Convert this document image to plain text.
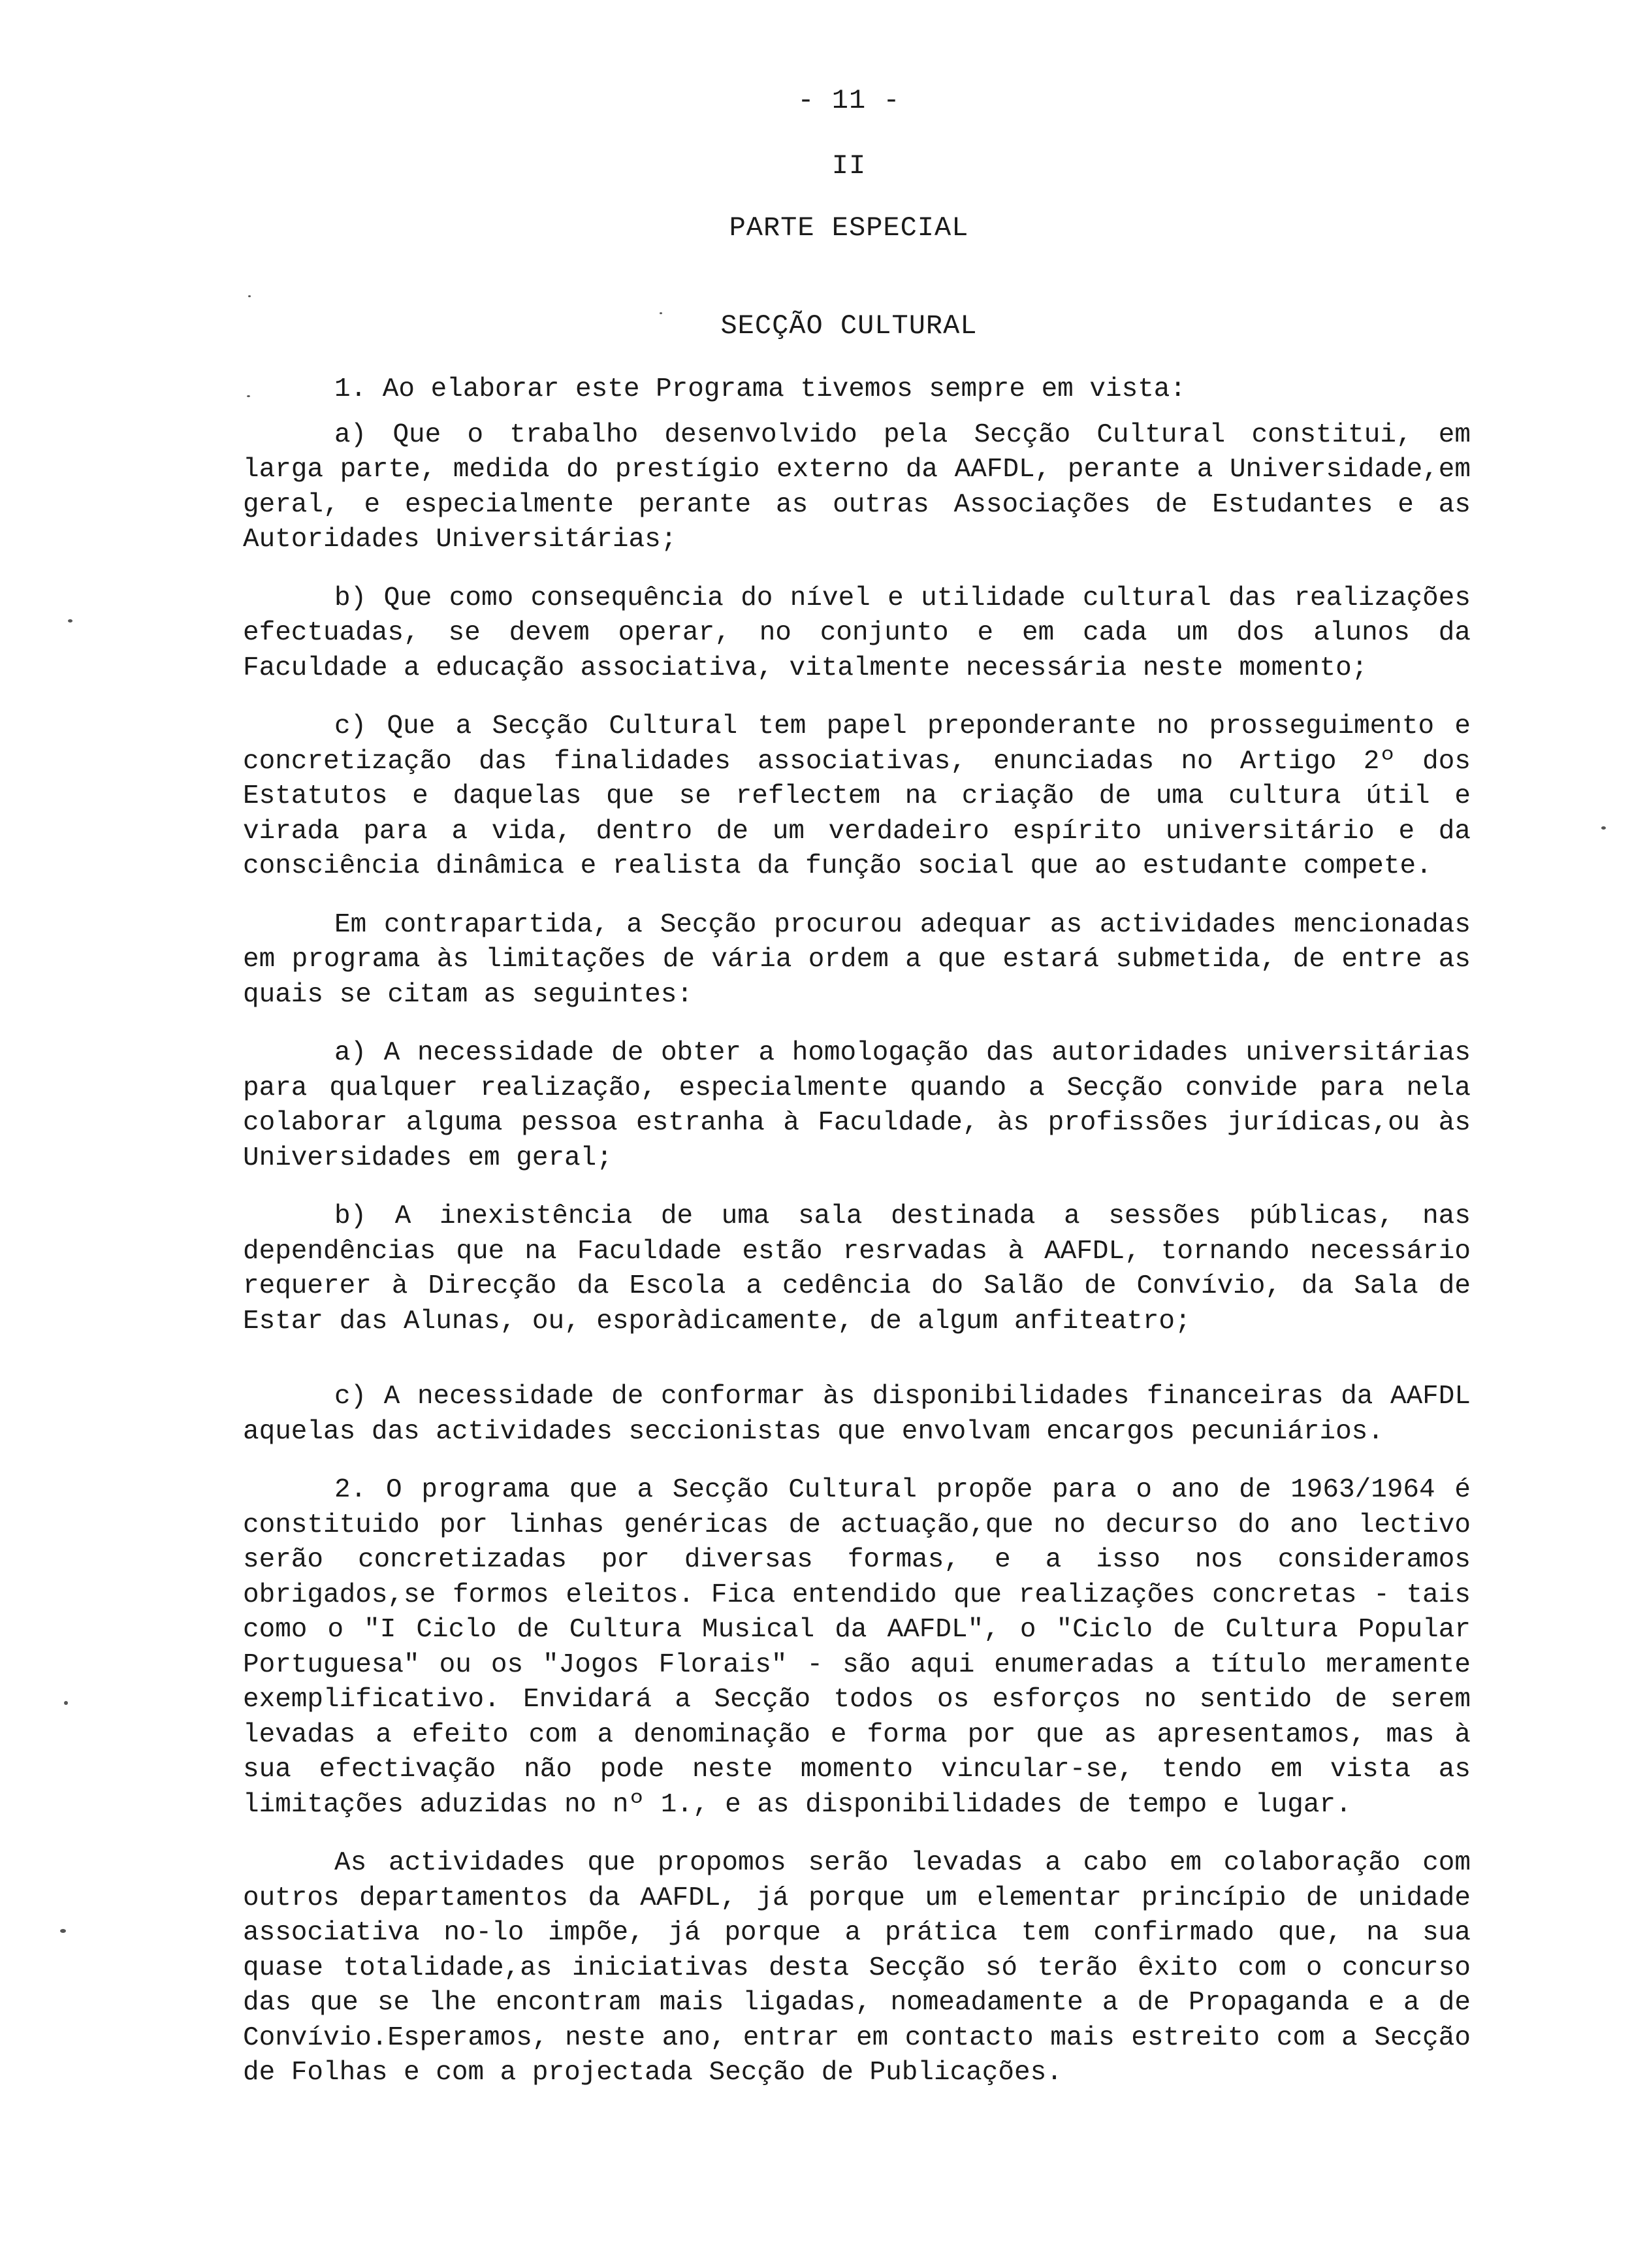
- 11 -
II
PARTE ESPECIAL
SECÇÃO CULTURAL

1. Ao elaborar este Programa tivemos sempre em vista:

a) Que o trabalho desenvolvido pela Secção Cultural constitui, em larga parte, medida do prestígio externo da AAFDL, perante a Universidade,em geral, e especialmente perante as outras Associações de Estudantes e as Autoridades Universitárias;

b) Que como consequência do nível e utilidade cultural das realizações efectuadas, se devem operar, no conjunto e em cada um dos alunos da Faculdade a educação associativa, vitalmente necessária neste momento;

c) Que a Secção Cultural tem papel preponderante no prosseguimento e concretização das finalidades associativas, enunciadas no Artigo 2º dos Estatutos e daquelas que se reflectem na criação de uma cultura útil e virada para a vida, dentro de um verdadeiro espírito universitário e da consciência dinâmica e realista da função social que ao estudante compete.

Em contrapartida, a Secção procurou adequar as actividades mencionadas em programa às limitações de vária ordem a que estará submetida, de entre as quais se citam as seguintes:

a) A necessidade de obter a homologação das autoridades universitárias para qualquer realização, especialmente quando a Secção convide para nela colaborar alguma pessoa estranha à Faculdade, às profissões jurídicas,ou às Universidades em geral;

b) A inexistência de uma sala destinada a sessões públicas, nas dependências que na Faculdade estão resrvadas à AAFDL, tornando necessário requerer à Direcção da Escola a cedência do Salão de Convívio, da Sala de Estar das Alunas, ou, esporàdicamente, de algum anfiteatro;

c) A necessidade de conformar às disponibilidades financeiras da AAFDL aquelas das actividades seccionistas que envolvam encargos pecuniários.

2. O programa que a Secção Cultural propõe para o ano de 1963/1964 é constituido por linhas genéricas de actuação,que no decurso do ano lectivo serão concretizadas por diversas formas, e a isso nos consideramos obrigados,se formos eleitos. Fica entendido que realizações concretas - tais como o "I Ciclo de Cultura Musical da AAFDL", o "Ciclo de Cultura Popular Portuguesa" ou os "Jogos Florais" - são aqui enumeradas a título meramente exemplificativo. Envidará a Secção todos os esforços no sentido de serem levadas a efeito com a denominação e forma por que as apresentamos, mas à sua efectivação não pode neste momento vincular-se, tendo em vista as limitações aduzidas no nº 1., e as disponibilidades de tempo e lugar.

As actividades que propomos serão levadas a cabo em colaboração com outros departamentos da AAFDL, já porque um elementar princípio de unidade associativa no-lo impõe, já porque a prática tem confirmado que, na sua quase totalidade,as iniciativas desta Secção só terão êxito com o concurso das que se lhe encontram mais ligadas, nomeadamente a de Propaganda e a de Convívio.Esperamos, neste ano, entrar em contacto mais estreito com a Secção de Folhas e com a projectada Secção de Publicações.
